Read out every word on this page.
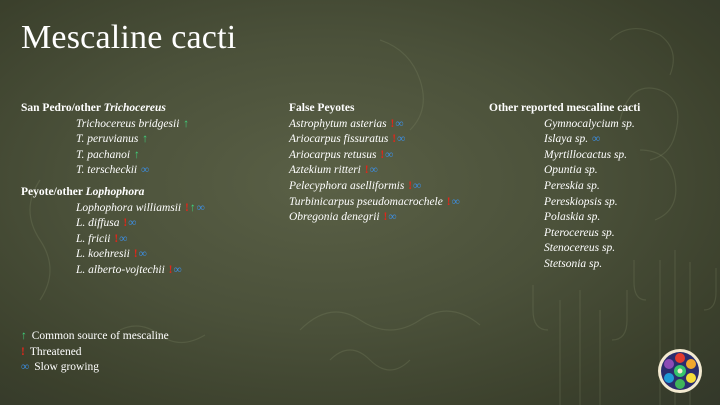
Mescaline cacti
San Pedro/other Trichocereus
Trichocereus bridgesii ↑
T. peruvianus ↑
T. pachanoi ↑
T. terscheckii ∞
Peyote/other Lophophora
Lophophora williamsii !↑∞
L. diffusa !∞
L. fricii !∞
L. koehresii !∞
L. alberto-vojtechii !∞
False Peyotes
Astrophytum asterias !∞
Ariocarpus fissuratus !∞
Ariocarpus retusus !∞
Aztekium ritteri !∞
Pelecyphora aselliformis !∞
Turbinicarpus pseudomacrochele !∞
Obregonia denegrii !∞
Other reported mescaline cacti
Gymnocalycium sp.
Islaya sp. ∞
Myrtillocactus sp.
Opuntia sp.
Pereskia sp.
Pereskiopsis sp.
Polaskia sp.
Pterocereus sp.
Stenocereus sp.
Stetsonia sp.
↑ Common source of mescaline
! Threatened
∞ Slow growing
